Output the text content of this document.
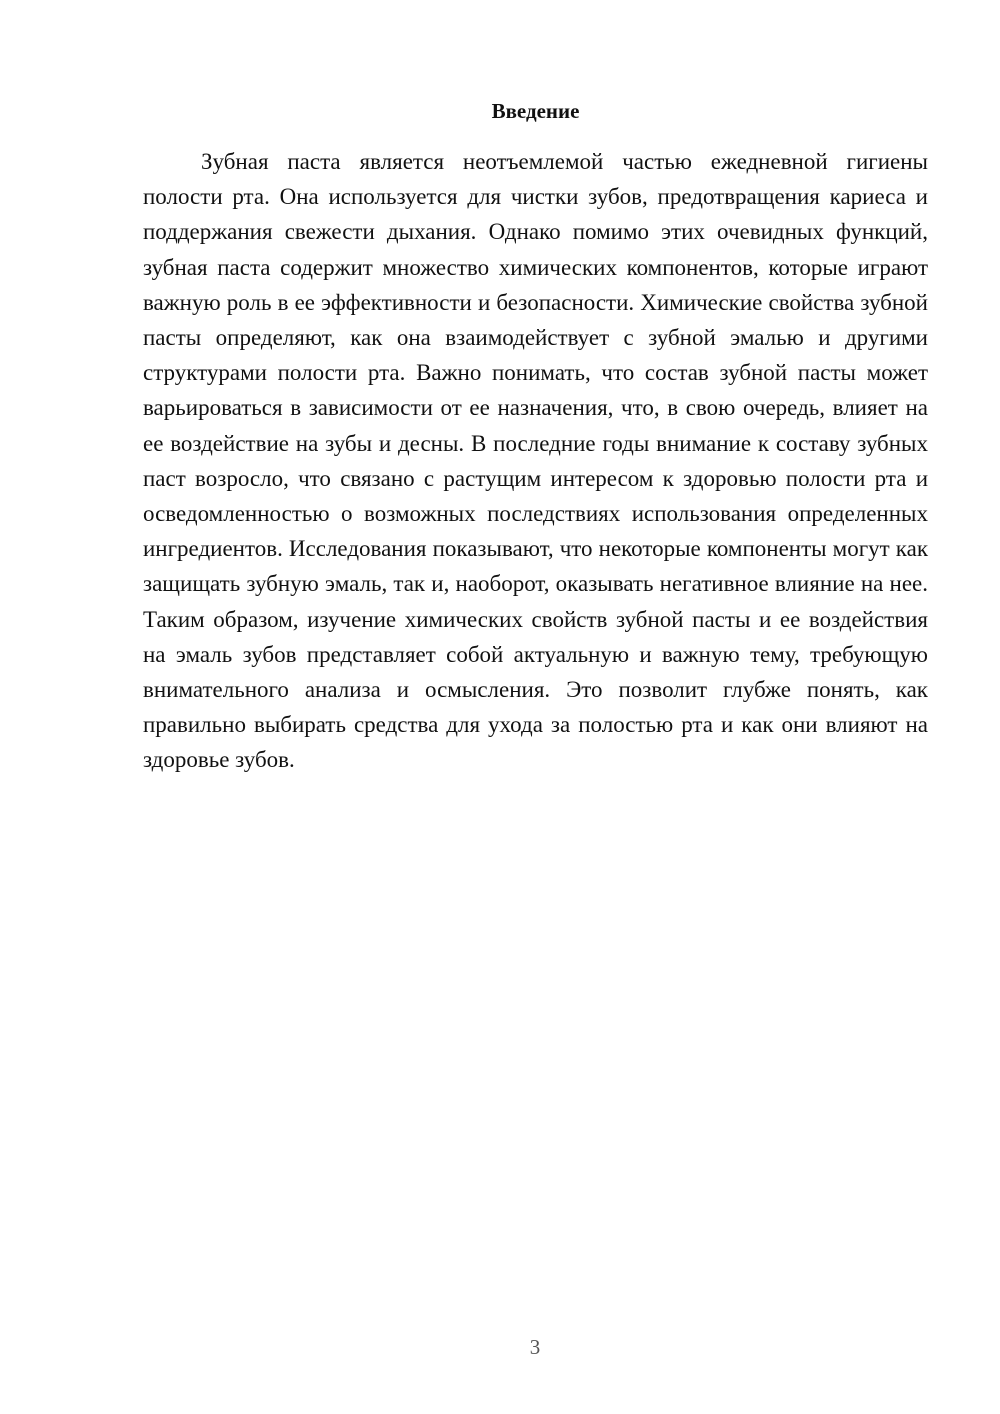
Введение

Зубная паста является неотъемлемой частью ежедневной гигиены полости рта. Она используется для чистки зубов, предотвращения кариеса и поддержания свежести дыхания. Однако помимо этих очевидных функций, зубная паста содержит множество химических компонентов, которые играют важную роль в ее эффективности и безопасности. Химические свойства зубной пасты определяют, как она взаимодействует с зубной эмалью и другими структурами полости рта. Важно понимать, что состав зубной пасты может варьироваться в зависимости от ее назначения, что, в свою очередь, влияет на ее воздействие на зубы и десны. В последние годы внимание к составу зубных паст возросло, что связано с растущим интересом к здоровью полости рта и осведомленностью о возможных последствиях использования определенных ингредиентов. Исследования показывают, что некоторые компоненты могут как защищать зубную эмаль, так и, наоборот, оказывать негативное влияние на нее. Таким образом, изучение химических свойств зубной пасты и ее воздействия на эмаль зубов представляет собой актуальную и важную тему, требующую внимательного анализа и осмысления. Это позволит глубже понять, как правильно выбирать средства для ухода за полостью рта и как они влияют на здоровье зубов.

3
